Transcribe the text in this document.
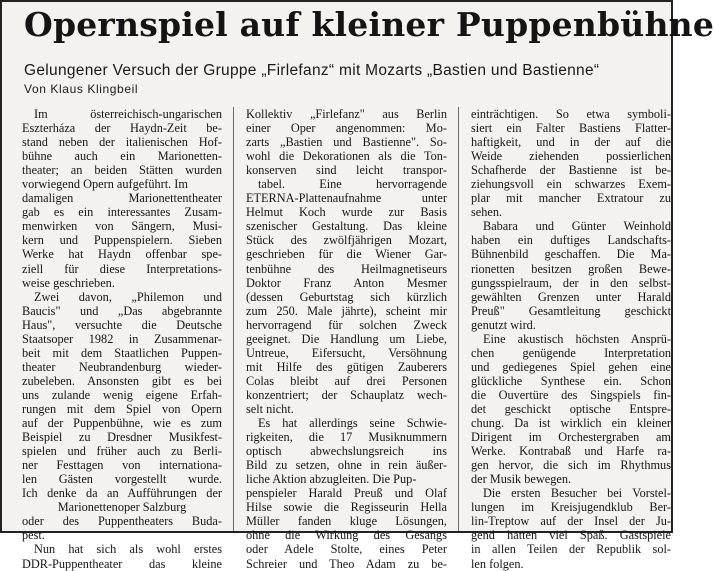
Opernspiel auf kleiner Puppenbühne

Gelungener Versuch der Gruppe „Firlefanz“ mit Mozarts „Bastien und Bastienne“

Von Klaus Klingbeil

Im österreichisch-ungarischen
Eszterháza der Haydn-Zeit be-
stand neben der italienischen Hof-
bühne auch ein Marionetten-
theater; an beiden Stätten wurden
vorwiegend Opern aufgeführt. Im
damaligen Marionettentheater
gab es ein interessantes Zusam-
menwirken von Sängern, Musi-
kern und Puppenspielern. Sieben
Werke hat Haydn offenbar spe-
ziell für diese Interpretations-
weise geschrieben.
Zwei davon, „Philemon und
Baucis" und „Das abgebrannte
Haus", versuchte die Deutsche
Staatsoper 1982 in Zusammenar-
beit mit dem Staatlichen Puppen-
theater Neubrandenburg wieder-
zubeleben. Ansonsten gibt es bei
uns zulande wenig eigene Erfah-
rungen mit dem Spiel von Opern
auf der Puppenbühne, wie es zum
Beispiel zu Dresdner Musikfest-
spielen und früher auch zu Berli-
ner Festtagen von internationa-
len Gästen vorgestellt wurde.
Ich denke da an Aufführungen der
Marionettenoper Salzburg
oder des Puppentheaters Buda-
pest.
Nun hat sich als wohl erstes
DDR-Puppentheater das kleine
Kollektiv „Firlefanz" aus Berlin
einer Oper angenommen: Mo-
zarts „Bastien und Bastienne". So-
wohl die Dekorationen als die Ton-
konserven sind leicht transpor-
tabel. Eine hervorragende
ETERNA-Plattenaufnahme unter
Helmut Koch wurde zur Basis
szenischer Gestaltung. Das kleine
Stück des zwölfjährigen Mozart,
geschrieben für die Wiener Gar-
tenbühne des Heilmagnetiseurs
Doktor Franz Anton Mesmer
(dessen Geburtstag sich kürzlich
zum 250. Male jährte), scheint mir
hervorragend für solchen Zweck
geeignet. Die Handlung um Liebe,
Untreue, Eifersucht, Versöhnung
mit Hilfe des gütigen Zauberers
Colas bleibt auf drei Personen
konzentriert; der Schauplatz wech-
selt nicht.
Es hat allerdings seine Schwie-
rigkeiten, die 17 Musiknummern
optisch abwechslungsreich ins
Bild zu setzen, ohne in rein äußer-
liche Aktion abzugleiten. Die Pup-
penspieler Harald Preuß und Olaf
Hilse sowie die Regisseurin Hella
Müller fanden kluge Lösungen,
ohne die Wirkung des Gesangs
oder Adele Stolte, eines Peter
Schreier und Theo Adam zu be-
einträchtigen. So etwa symboli-
siert ein Falter Bastiens Flatter-
haftigkeit, und in der auf die
Weide ziehenden possierlichen
Schafherde der Bastienne ist be-
ziehungsvoll ein schwarzes Exem-
plar mit mancher Extratour zu
sehen.
Babara und Günter Weinhold
haben ein duftiges Landschafts-
Bühnenbild geschaffen. Die Ma-
rionetten besitzen großen Bewe-
gungsspielraum, der in den selbst-
gewählten Grenzen unter Harald
Preuß" Gesamtleitung geschickt
genutzt wird.
Eine akustisch höchsten Ansprü-
chen genügende Interpretation
und gediegenes Spiel gehen eine
glückliche Synthese ein. Schon
die Ouvertüre des Singspiels fin-
det geschickt optische Entspre-
chung. Da ist wirklich ein kleiner
Dirigent im Orchestergraben am
Werke. Kontrabaß und Harfe ra-
gen hervor, die sich im Rhythmus
der Musik bewegen.
Die ersten Besucher bei Vorstel-
lungen im Kreisjugendklub Ber-
lin-Treptow auf der Insel der Ju-
gend hatten viel Spaß. Gastspiele
in allen Teilen der Republik sol-
len folgen.
